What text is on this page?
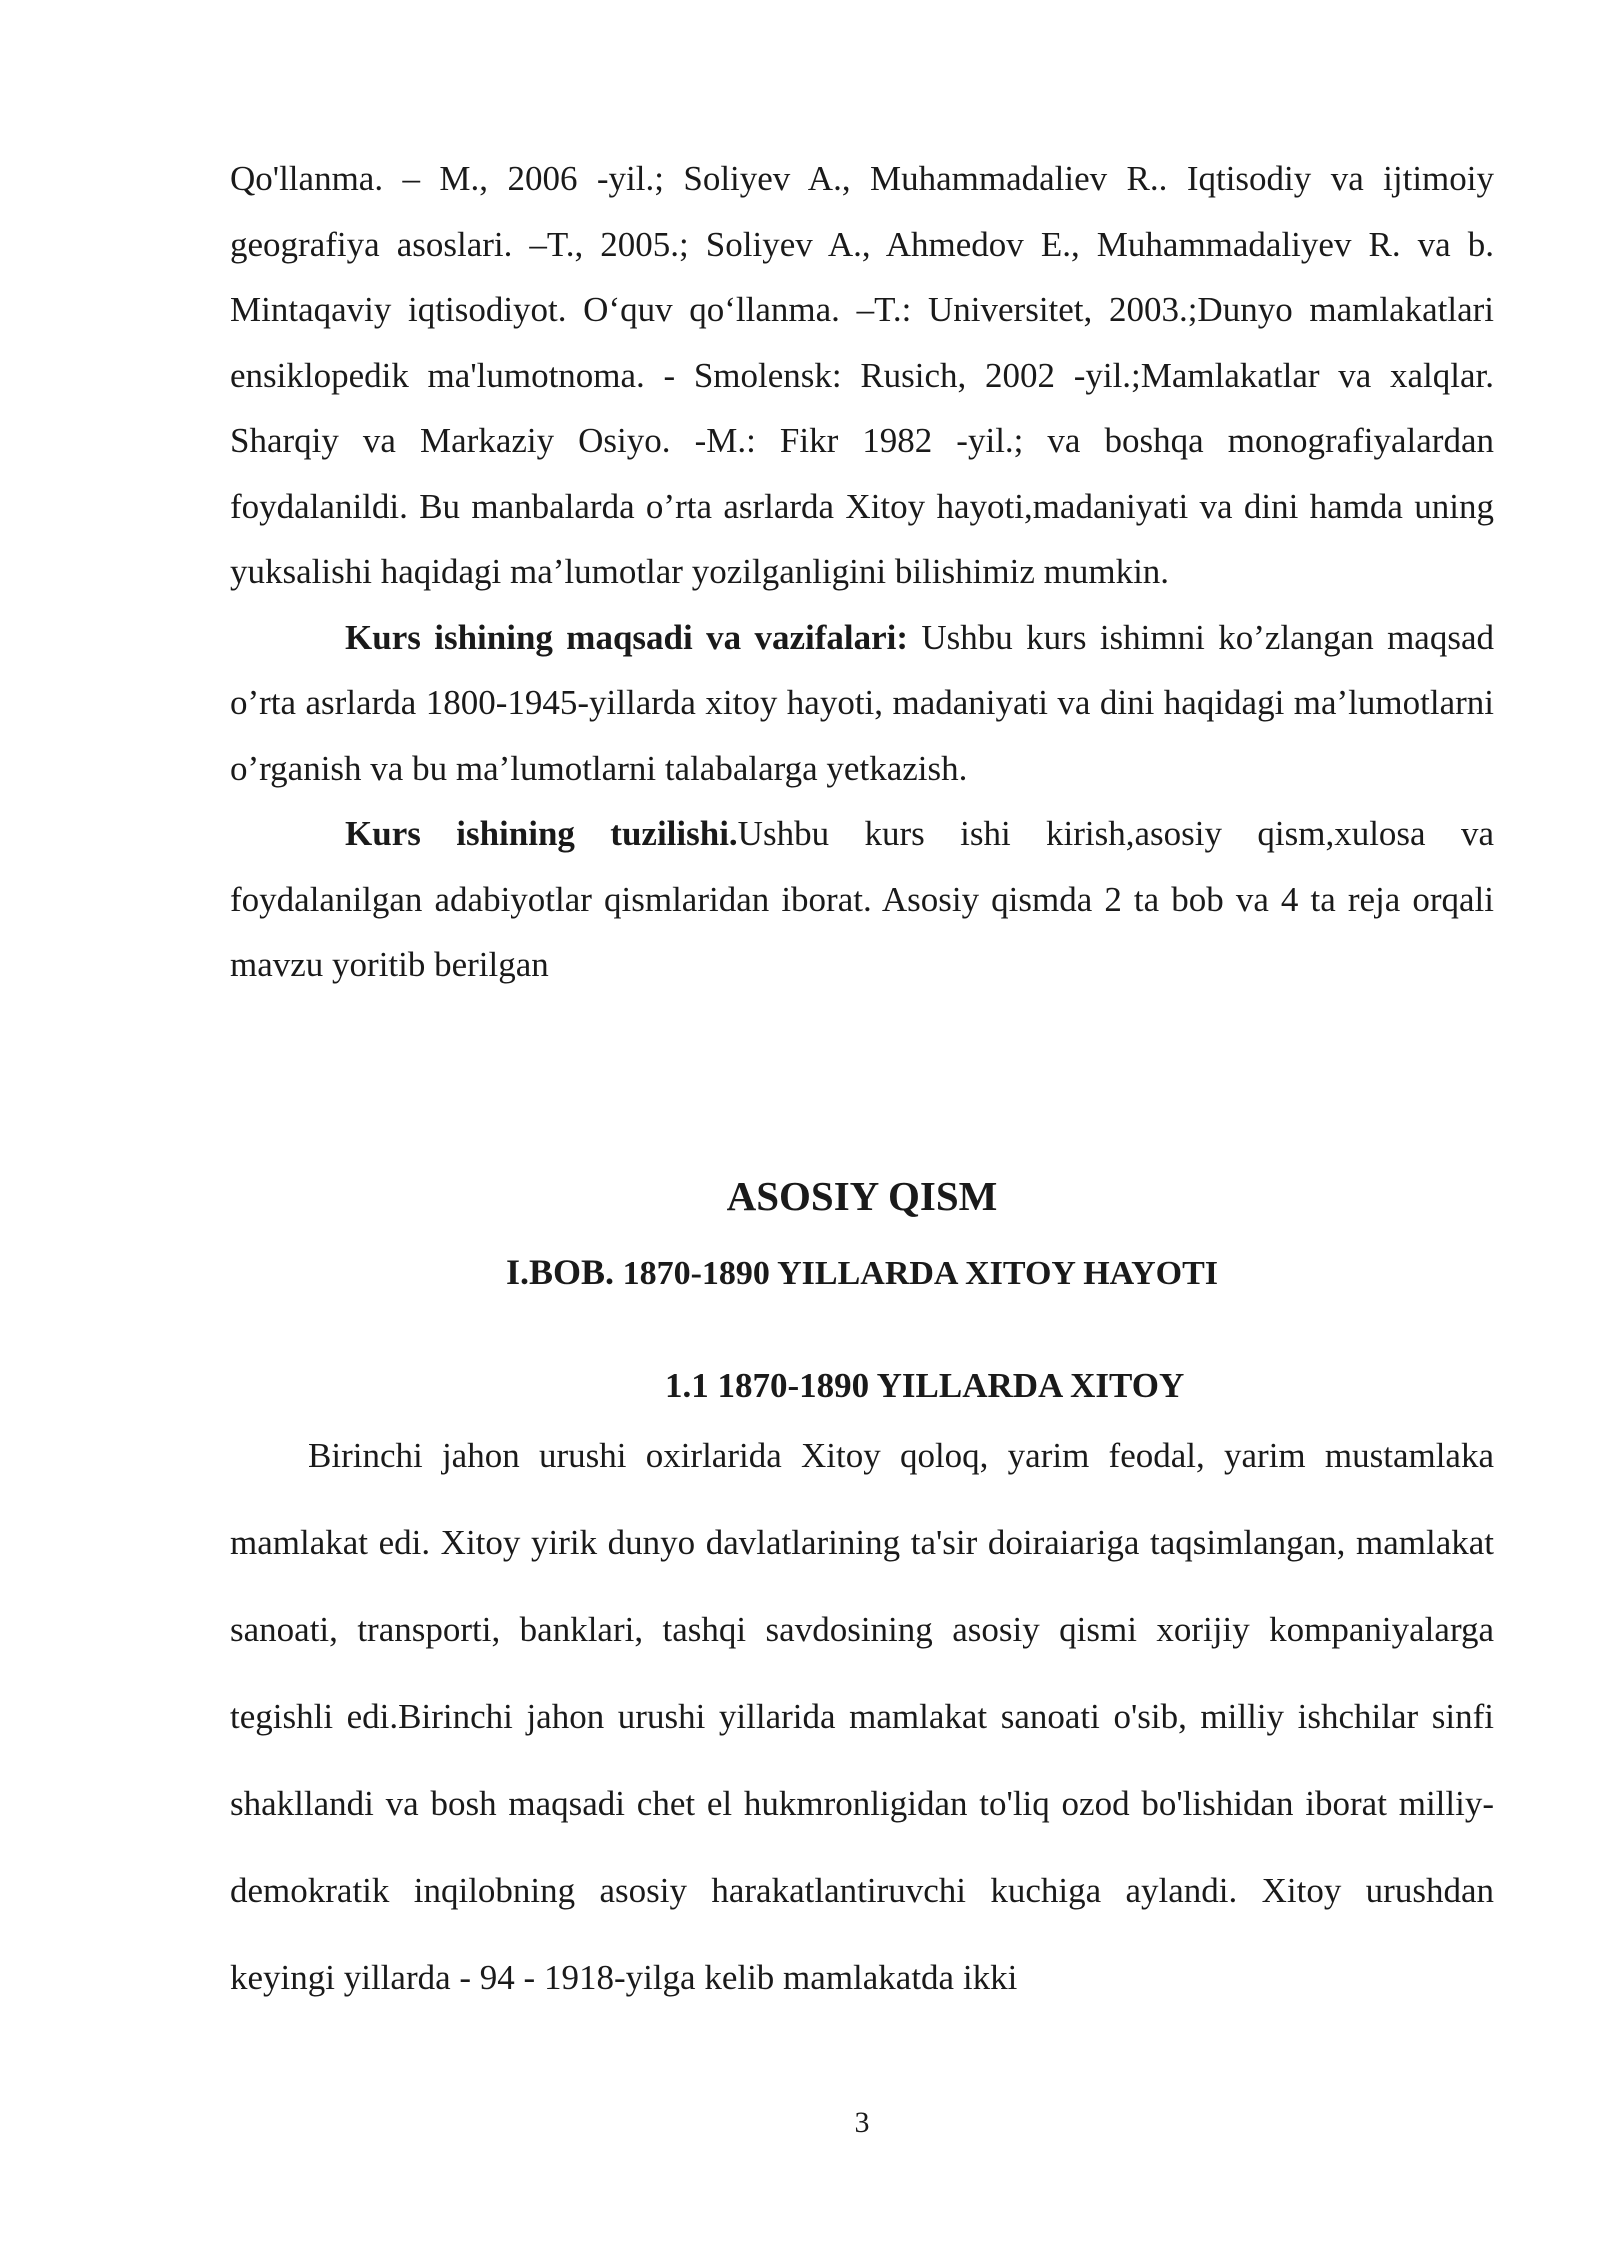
Qo'llanma. – M., 2006 -yil.; Soliyev A., Muhammadaliev R.. Iqtisodiy va ijtimoiy geografiya asoslari. –T., 2005.; Soliyev A., Ahmedov E., Muhammadaliyev R. va b. Mintaqaviy iqtisodiyot. O‘quv qo‘llanma. –T.: Universitet, 2003.;Dunyo mamlakatlari ensiklopedik ma'lumotnoma. - Smolensk: Rusich, 2002 -yil.;Mamlakatlar va xalqlar. Sharqiy va Markaziy Osiyo. -M.: Fikr 1982 -yil.; va boshqa monografiyalardan foydalanildi. Bu manbalarda o’rta asrlarda Xitoy hayoti,madaniyati va dini hamda uning yuksalishi haqidagi ma’lumotlar yozilganligini bilishimiz mumkin.

Kurs ishining maqsadi va vazifalari: Ushbu kurs ishimni ko’zlangan maqsad o’rta asrlarda 1800-1945-yillarda xitoy hayoti, madaniyati va dini haqidagi ma’lumotlarni o’rganish va bu ma’lumotlarni talabalarga yetkazish.

Kurs ishining tuzilishi.Ushbu kurs ishi kirish,asosiy qism,xulosa va foydalanilgan adabiyotlar qismlaridan iborat. Asosiy qismda 2 ta bob va 4 ta reja orqali mavzu yoritib berilgan

ASOSIY QISM
I.BOB. 1870-1890 YILLARDA XITOY HAYOTI
1.1 1870-1890 YILLARDA XITOY

Birinchi jahon urushi oxirlarida Xitoy qoloq, yarim feodal, yarim mustamlaka mamlakat edi. Xitoy yirik dunyo davlatlarining ta'sir doiraiariga taqsimlangan, mamlakat sanoati, transporti, banklari, tashqi savdosining asosiy qismi xorijiy kompaniyalarga tegishli edi.Birinchi jahon urushi yillarida mamlakat sanoati o'sib, milliy ishchilar sinfi shakllandi va bosh maqsadi chet el hukmronligidan to'liq ozod bo'lishidan iborat milliy-demokratik inqilobning asosiy harakatlantiruvchi kuchiga aylandi. Xitoy urushdan keyingi yillarda - 94 - 1918-yilga kelib mamlakatda ikki

3
